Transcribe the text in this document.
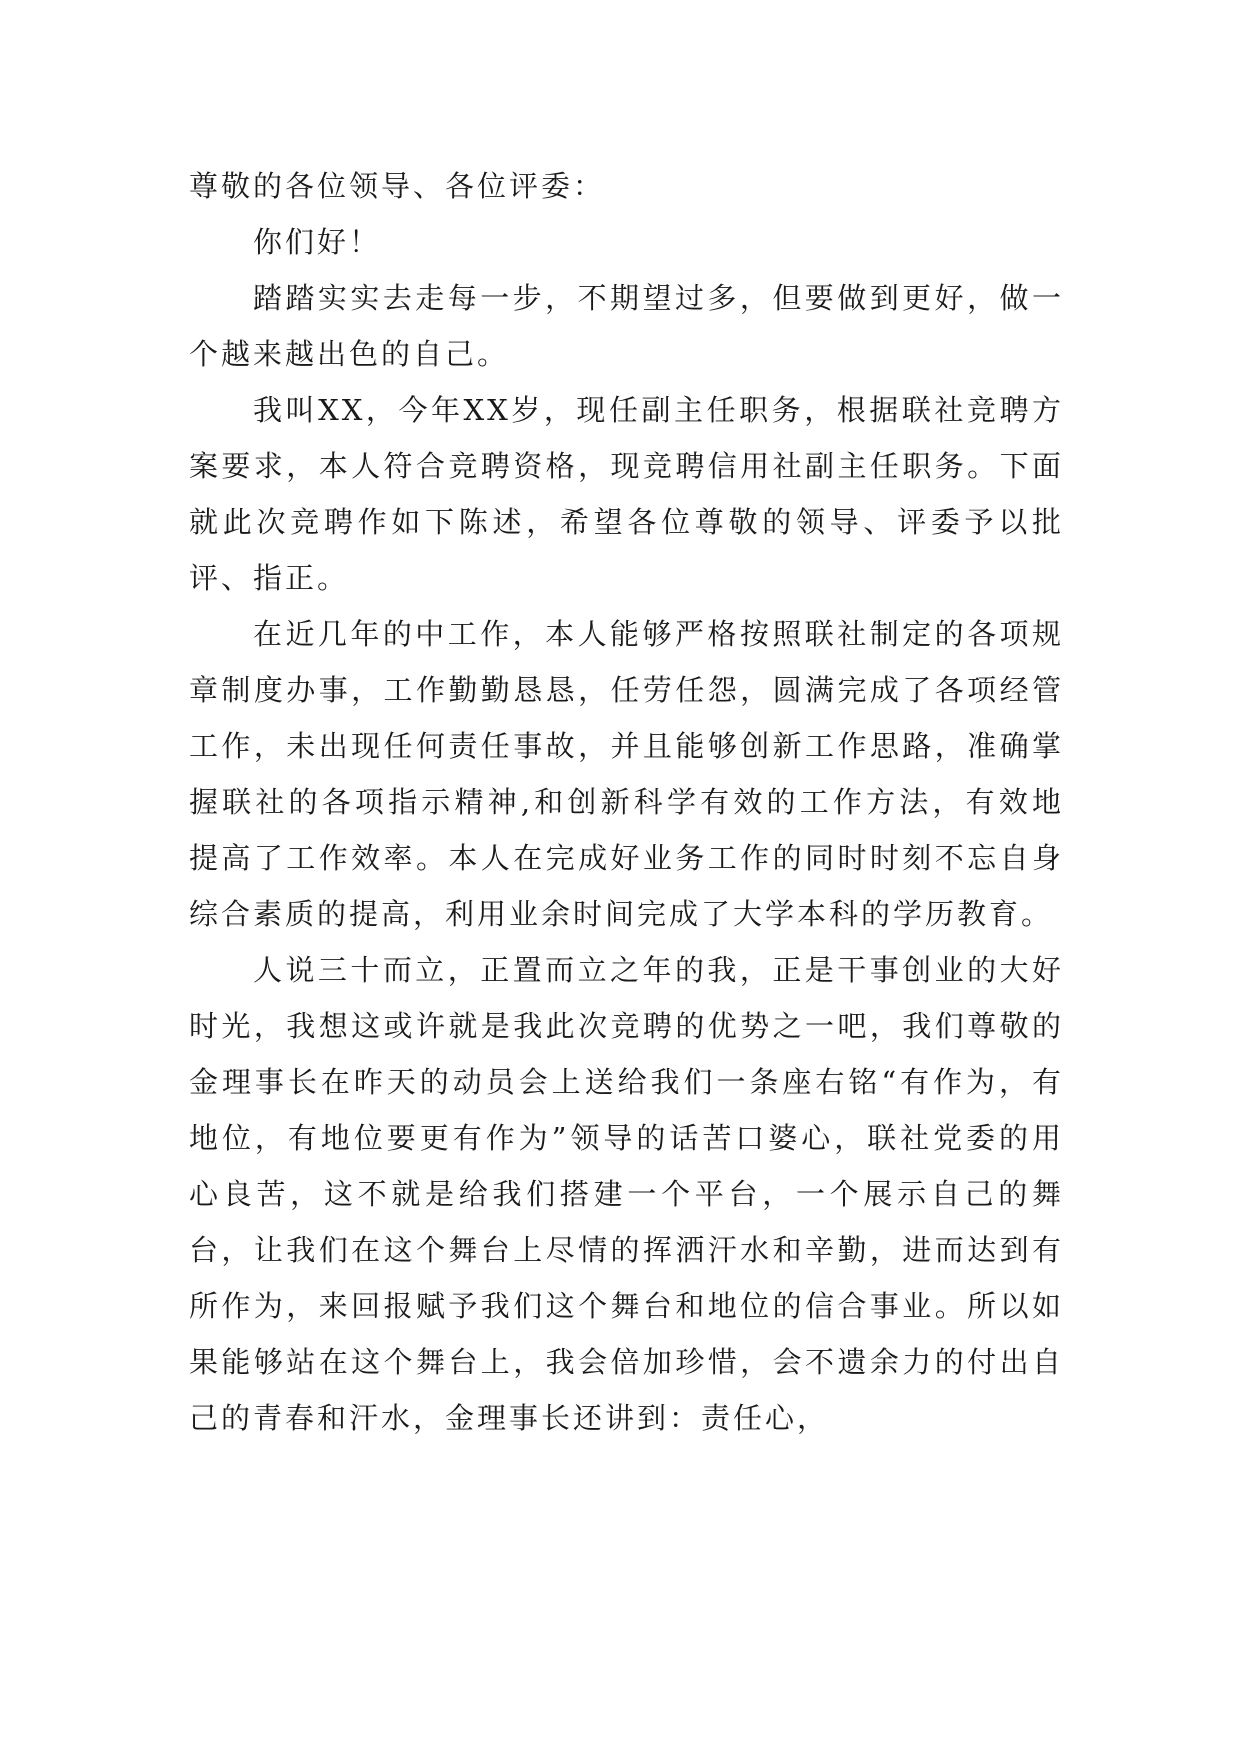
尊敬的各位领导、各位评委：

你们好！

踏踏实实去走每一步，不期望过多，但要做到更好，做一个越来越出色的自己。

我叫XX，今年XX岁，现任副主任职务，根据联社竞聘方案要求，本人符合竞聘资格，现竞聘信用社副主任职务。下面就此次竞聘作如下陈述，希望各位尊敬的领导、评委予以批评、指正。

在近几年的中工作，本人能够严格按照联社制定的各项规章制度办事，工作勤勤恳恳，任劳任怨，圆满完成了各项经管工作，未出现任何责任事故，并且能够创新工作思路，准确掌握联社的各项指示精神,和创新科学有效的工作方法，有效地提高了工作效率。本人在完成好业务工作的同时时刻不忘自身综合素质的提高，利用业余时间完成了大学本科的学历教育。

人说三十而立，正置而立之年的我，正是干事创业的大好时光，我想这或许就是我此次竞聘的优势之一吧，我们尊敬的金理事长在昨天的动员会上送给我们一条座右铭“有作为，有地位，有地位要更有作为”领导的话苦口婆心，联社党委的用心良苦，这不就是给我们搭建一个平台，一个展示自己的舞台，让我们在这个舞台上尽情的挥洒汗水和辛勤，进而达到有所作为，来回报赋予我们这个舞台和地位的信合事业。所以如果能够站在这个舞台上，我会倍加珍惜，会不遗余力的付出自己的青春和汗水，金理事长还讲到：责任心，
